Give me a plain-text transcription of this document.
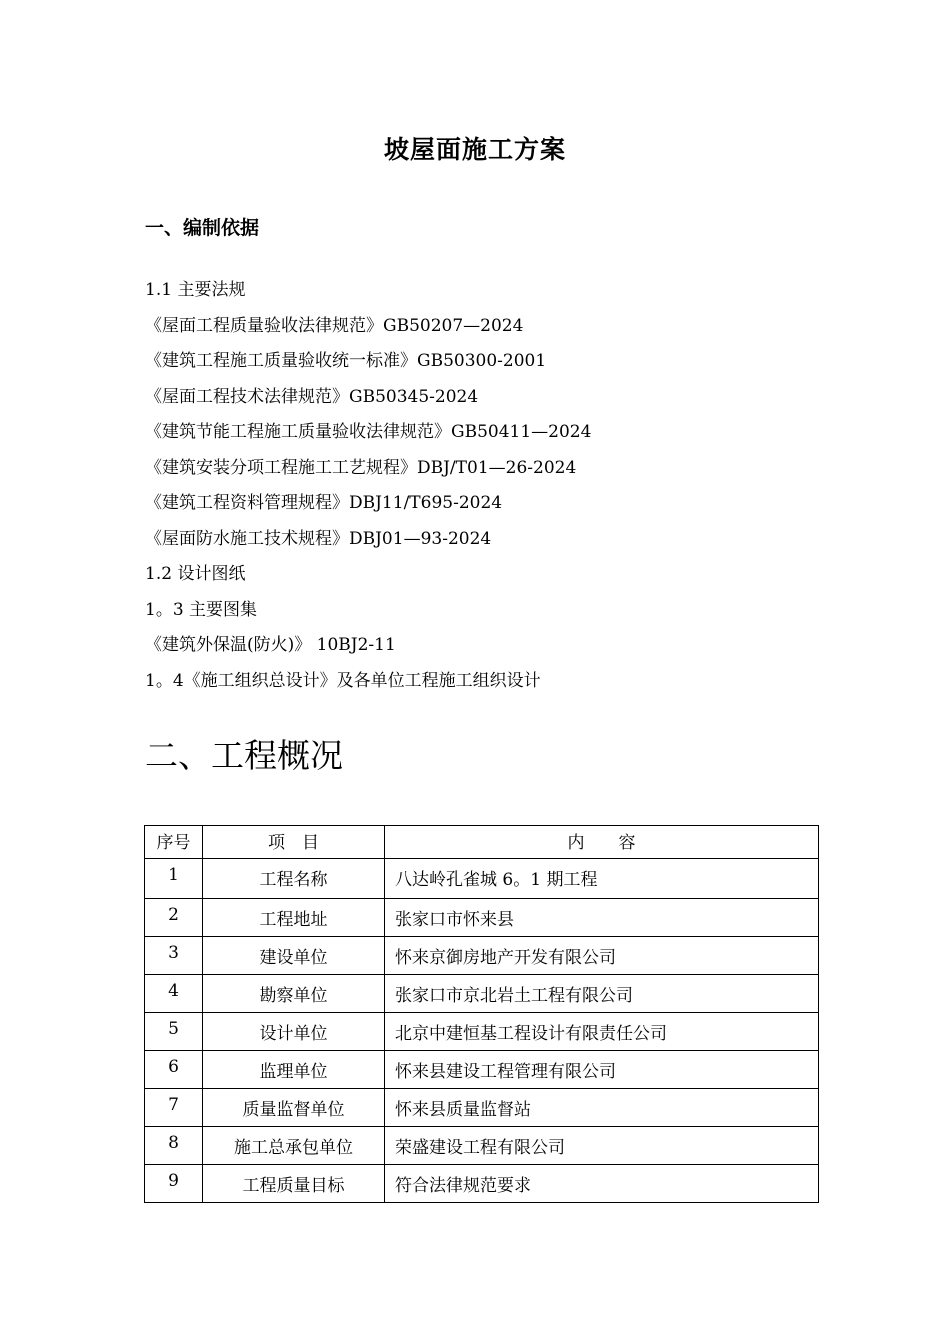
坡屋面施工方案
一、编制依据
1.1 主要法规
《屋面工程质量验收法律规范》GB50207—2024
《建筑工程施工质量验收统一标准》GB50300-2001
《屋面工程技术法律规范》GB50345-2024
《建筑节能工程施工质量验收法律规范》GB50411—2024
《建筑安装分项工程施工工艺规程》DBJ/T01—26-2024
《建筑工程资料管理规程》DBJ11/T695-2024
《屋面防水施工技术规程》DBJ01—93-2024
1.2 设计图纸
1。3 主要图集
《建筑外保温(防火)》 10BJ2-11
1。4《施工组织总设计》及各单位工程施工组织设计
二、工程概况
序号	项　目	内　　容
1	工程名称	八达岭孔雀城 6。1 期工程
2	工程地址	张家口市怀来县
3	建设单位	怀来京御房地产开发有限公司
4	勘察单位	张家口市京北岩土工程有限公司
5	设计单位	北京中建恒基工程设计有限责任公司
6	监理单位	怀来县建设工程管理有限公司
7	质量监督单位	怀来县质量监督站
8	施工总承包单位	荣盛建设工程有限公司
9	工程质量目标	符合法律规范要求
